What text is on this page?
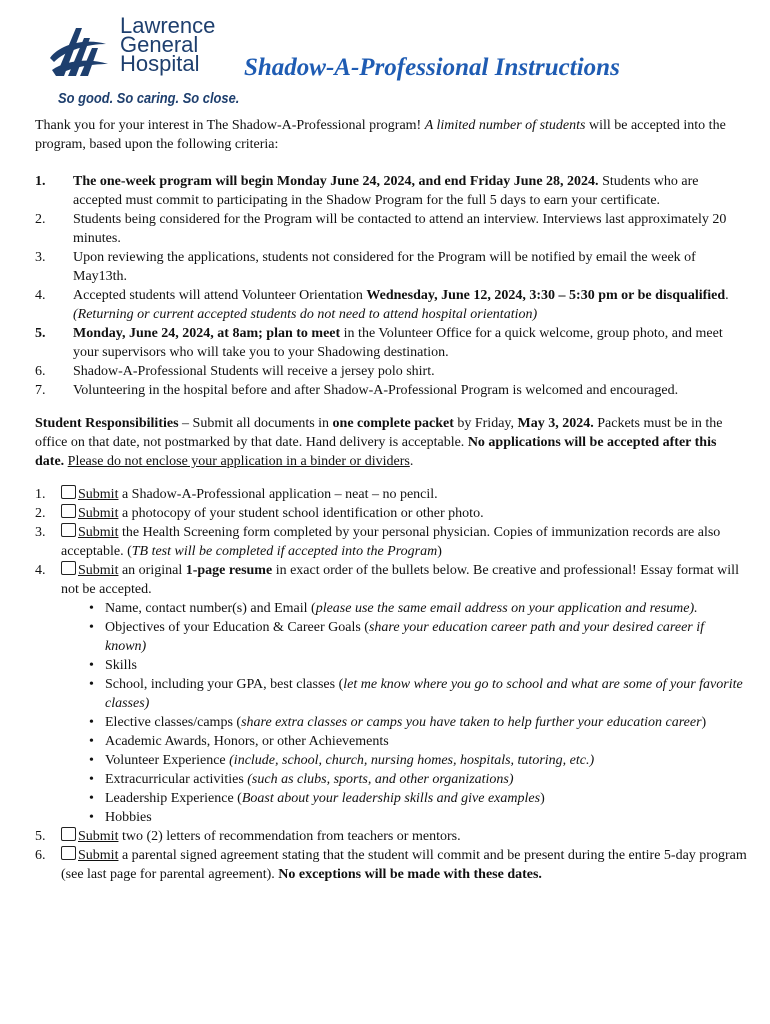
Lawrence
General
Hospital
So good. So caring. So close.
Shadow-A-Professional Instructions

Thank you for your interest in The Shadow-A-Professional program! A limited number of students will be accepted into the program, based upon the following criteria:

1. The one-week program will begin Monday June 24, 2024, and end Friday June 28, 2024. Students who are accepted must commit to participating in the Shadow Program for the full 5 days to earn your certificate.
2. Students being considered for the Program will be contacted to attend an interview. Interviews last approximately 20 minutes.
3. Upon reviewing the applications, students not considered for the Program will be notified by email the week of May13th.
4. Accepted students will attend Volunteer Orientation Wednesday, June 12, 2024, 3:30 – 5:30 pm or be disqualified. (Returning or current accepted students do not need to attend hospital orientation)
5. Monday, June 24, 2024, at 8am; plan to meet in the Volunteer Office for a quick welcome, group photo, and meet your supervisors who will take you to your Shadowing destination.
6. Shadow-A-Professional Students will receive a jersey polo shirt.
7. Volunteering in the hospital before and after Shadow-A-Professional Program is welcomed and encouraged.

Student Responsibilities – Submit all documents in one complete packet by Friday, May 3, 2024. Packets must be in the office on that date, not postmarked by that date. Hand delivery is acceptable. No applications will be accepted after this date. Please do not enclose your application in a binder or dividers.

1. Submit a Shadow-A-Professional application – neat – no pencil.
2. Submit a photocopy of your student school identification or other photo.
3. Submit the Health Screening form completed by your personal physician. Copies of immunization records are also acceptable. (TB test will be completed if accepted into the Program)
4. Submit an original 1-page resume in exact order of the bullets below. Be creative and professional! Essay format will not be accepted.
• Name, contact number(s) and Email (please use the same email address on your application and resume).
• Objectives of your Education & Career Goals (share your education career path and your desired career if known)
• Skills
• School, including your GPA, best classes (let me know where you go to school and what are some of your favorite classes)
• Elective classes/camps (share extra classes or camps you have taken to help further your education career)
• Academic Awards, Honors, or other Achievements
• Volunteer Experience (include, school, church, nursing homes, hospitals, tutoring, etc.)
• Extracurricular activities (such as clubs, sports, and other organizations)
• Leadership Experience (Boast about your leadership skills and give examples)
• Hobbies
5. Submit two (2) letters of recommendation from teachers or mentors.
6. Submit a parental signed agreement stating that the student will commit and be present during the entire 5-day program (see last page for parental agreement). No exceptions will be made with these dates.
